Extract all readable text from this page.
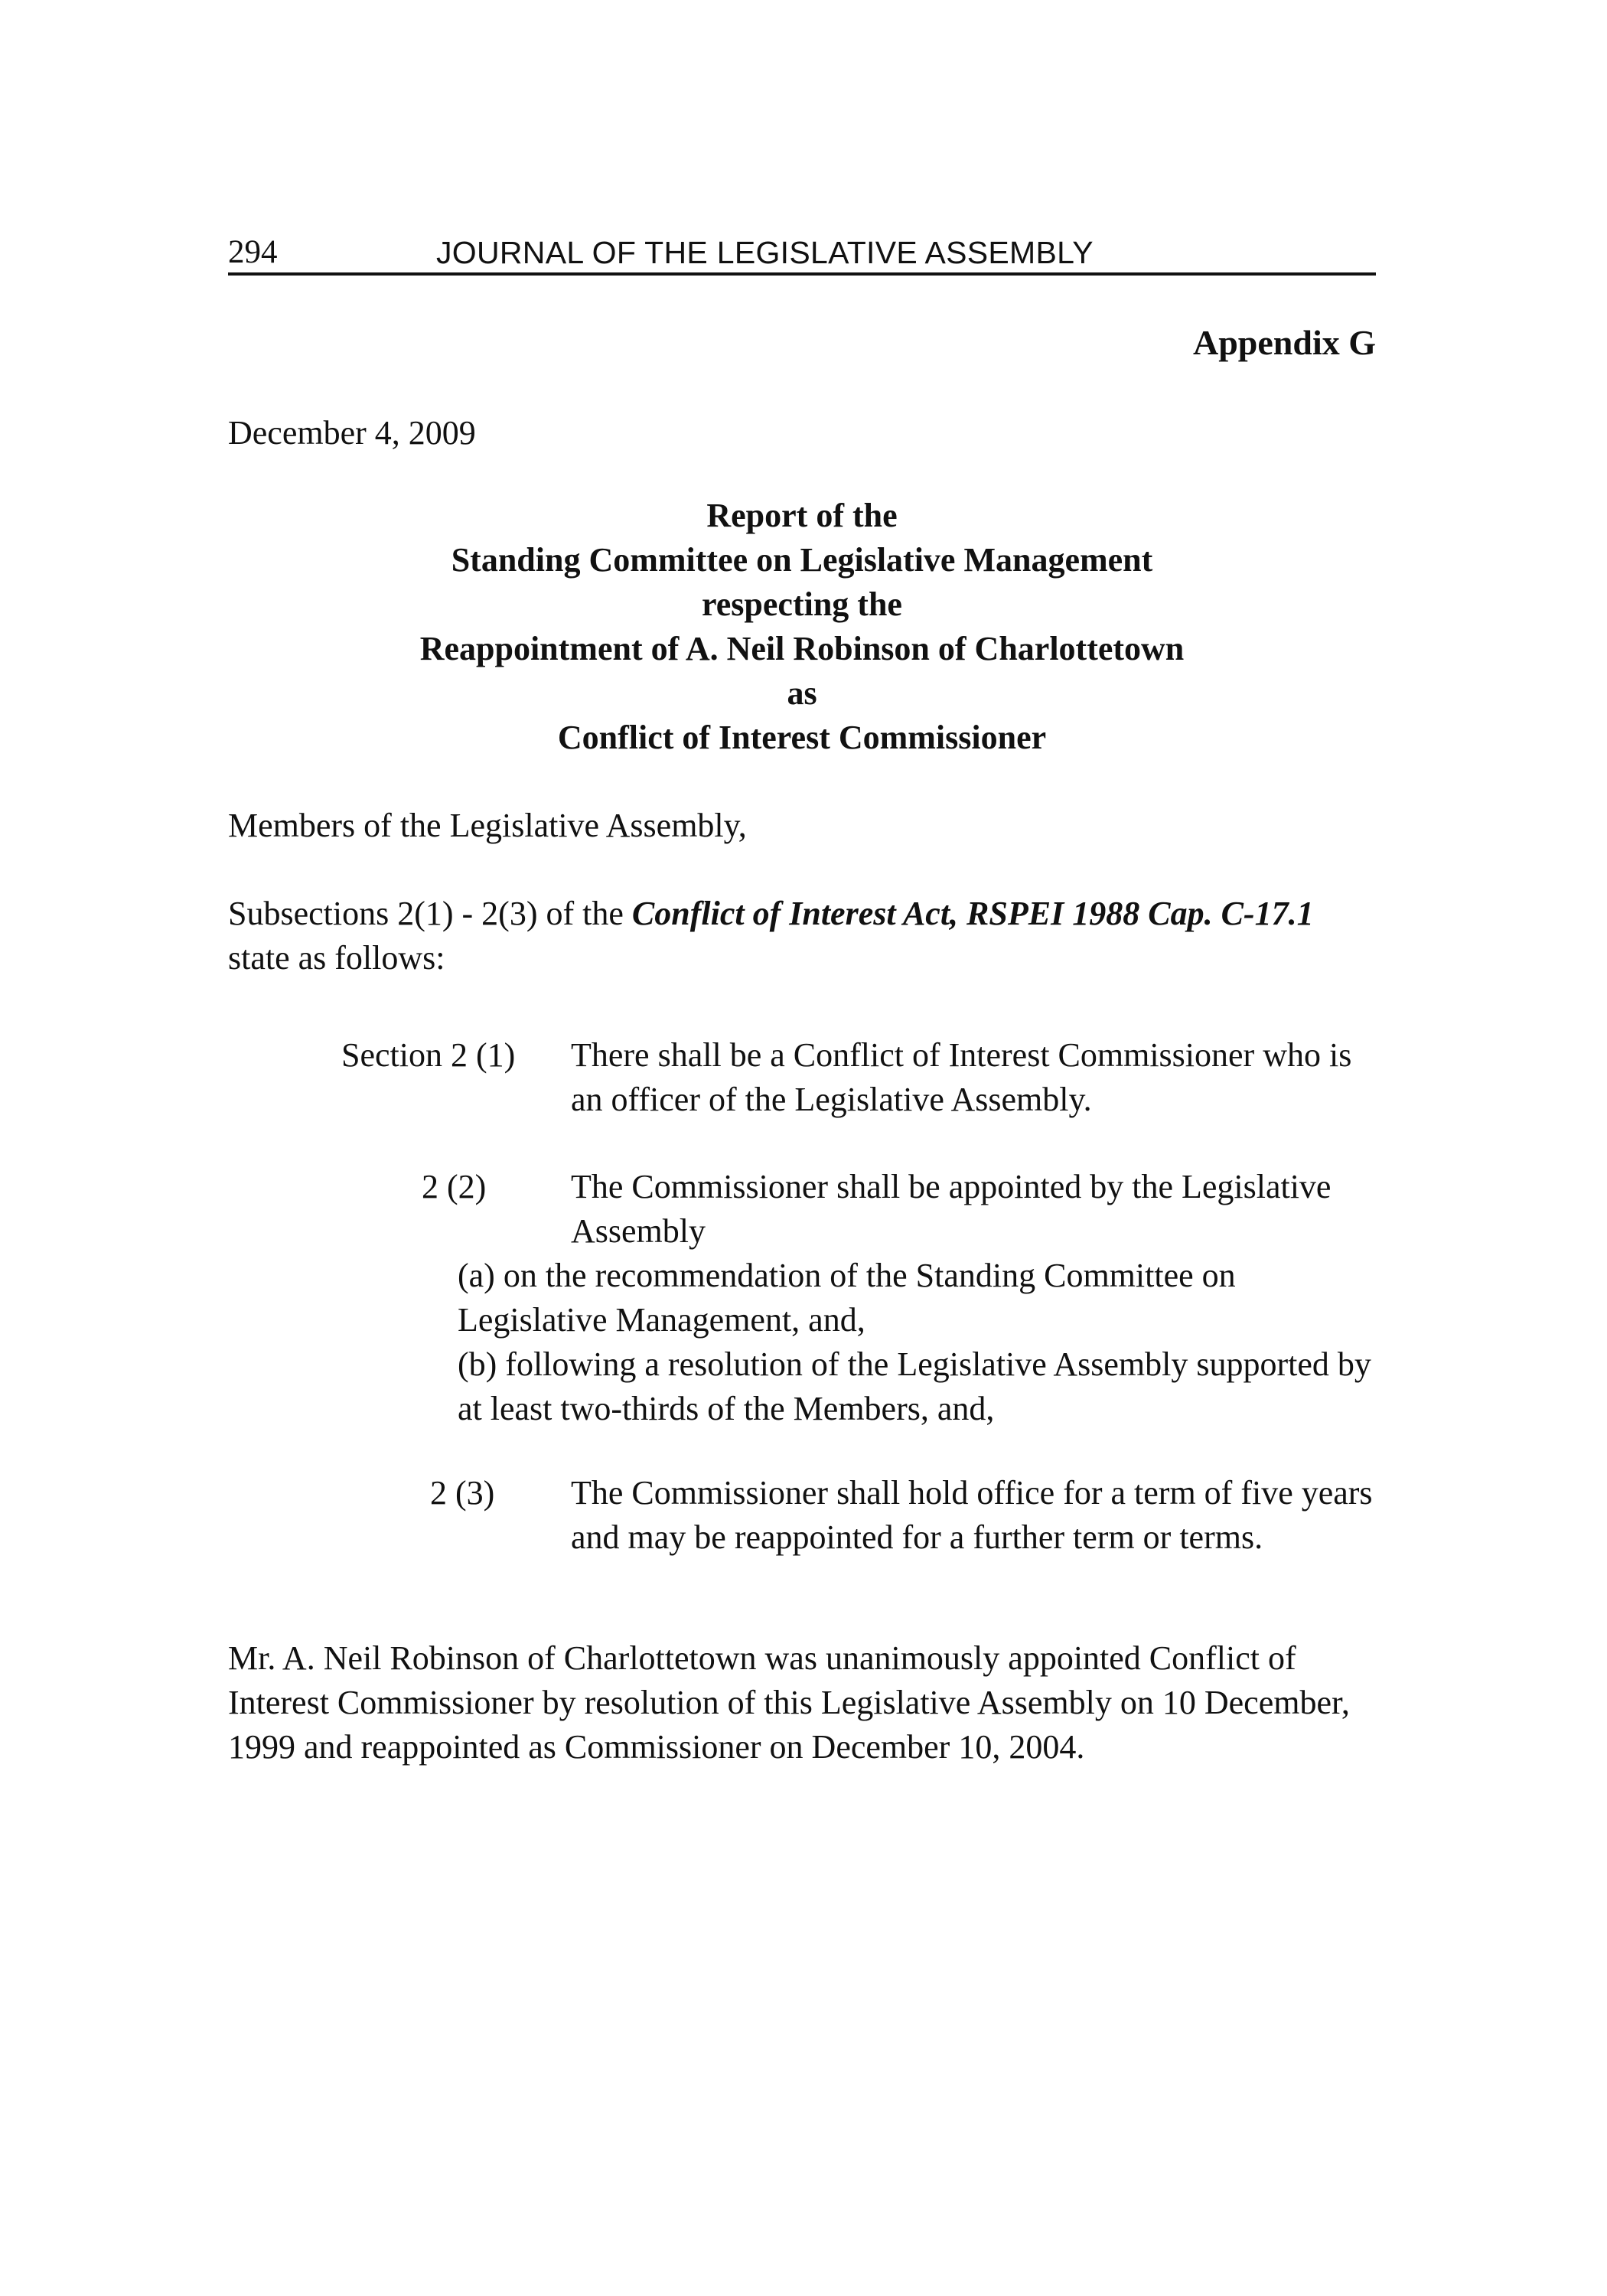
294	JOURNAL OF THE LEGISLATIVE ASSEMBLY
Appendix G
December 4, 2009
Report of the
Standing Committee on Legislative Management
respecting the
Reappointment of A. Neil Robinson of Charlottetown
as
Conflict of Interest Commissioner
Members of the Legislative Assembly,
Subsections 2(1) - 2(3) of the Conflict of Interest Act, RSPEI 1988 Cap. C-17.1 state as follows:
Section 2 (1) There shall be a Conflict of Interest Commissioner who is an officer of the Legislative Assembly.
2 (2)	The Commissioner shall be appointed by the Legislative Assembly
(a) on the recommendation of the Standing Committee on Legislative Management, and,
(b) following a resolution of the Legislative Assembly supported by at least two-thirds of the Members, and,
2 (3) The Commissioner shall hold office for a term of five years and may be reappointed for a further term or terms.
Mr. A. Neil Robinson of Charlottetown was unanimously appointed Conflict of Interest Commissioner by resolution of this Legislative Assembly on 10 December, 1999 and reappointed as Commissioner on December 10, 2004.
